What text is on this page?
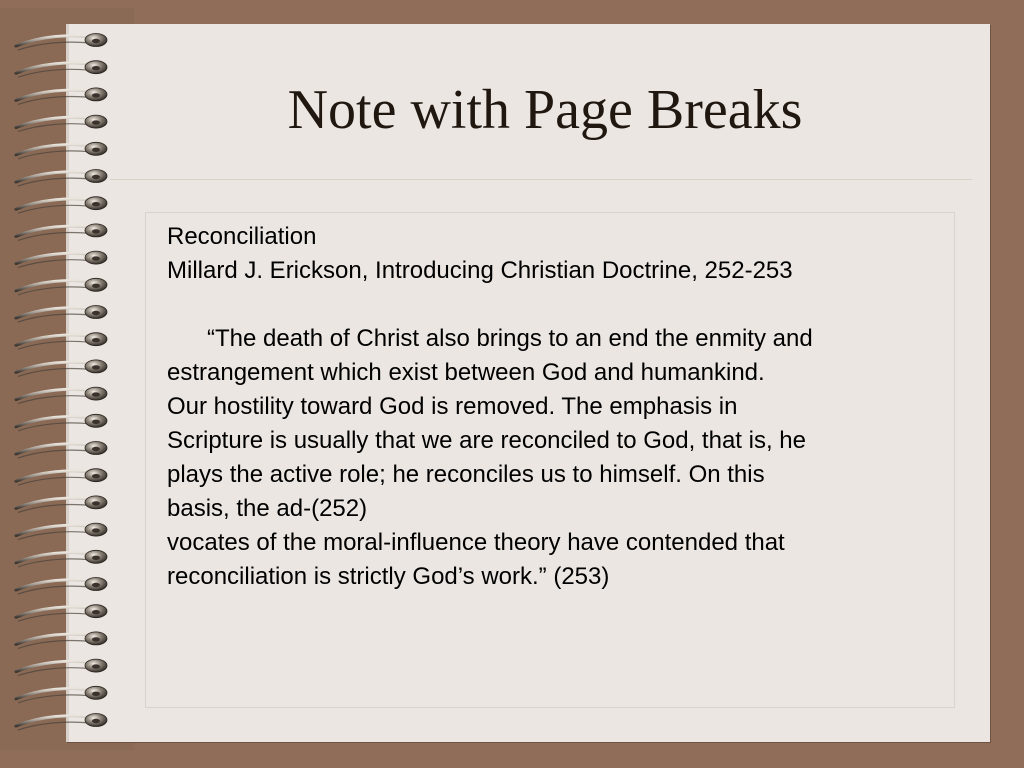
Note with Page Breaks
Reconciliation
Millard J. Erickson, Introducing Christian Doctrine, 252-253
“The death of Christ also brings to an end the enmity and
estrangement which exist between God and humankind.
Our hostility toward God is removed. The emphasis in
Scripture is usually that we are reconciled to God, that is, he
plays the active role; he reconciles us to himself. On this
basis, the ad-(252)
vocates of the moral-influence theory have contended that
reconciliation is strictly God’s work.” (253)
